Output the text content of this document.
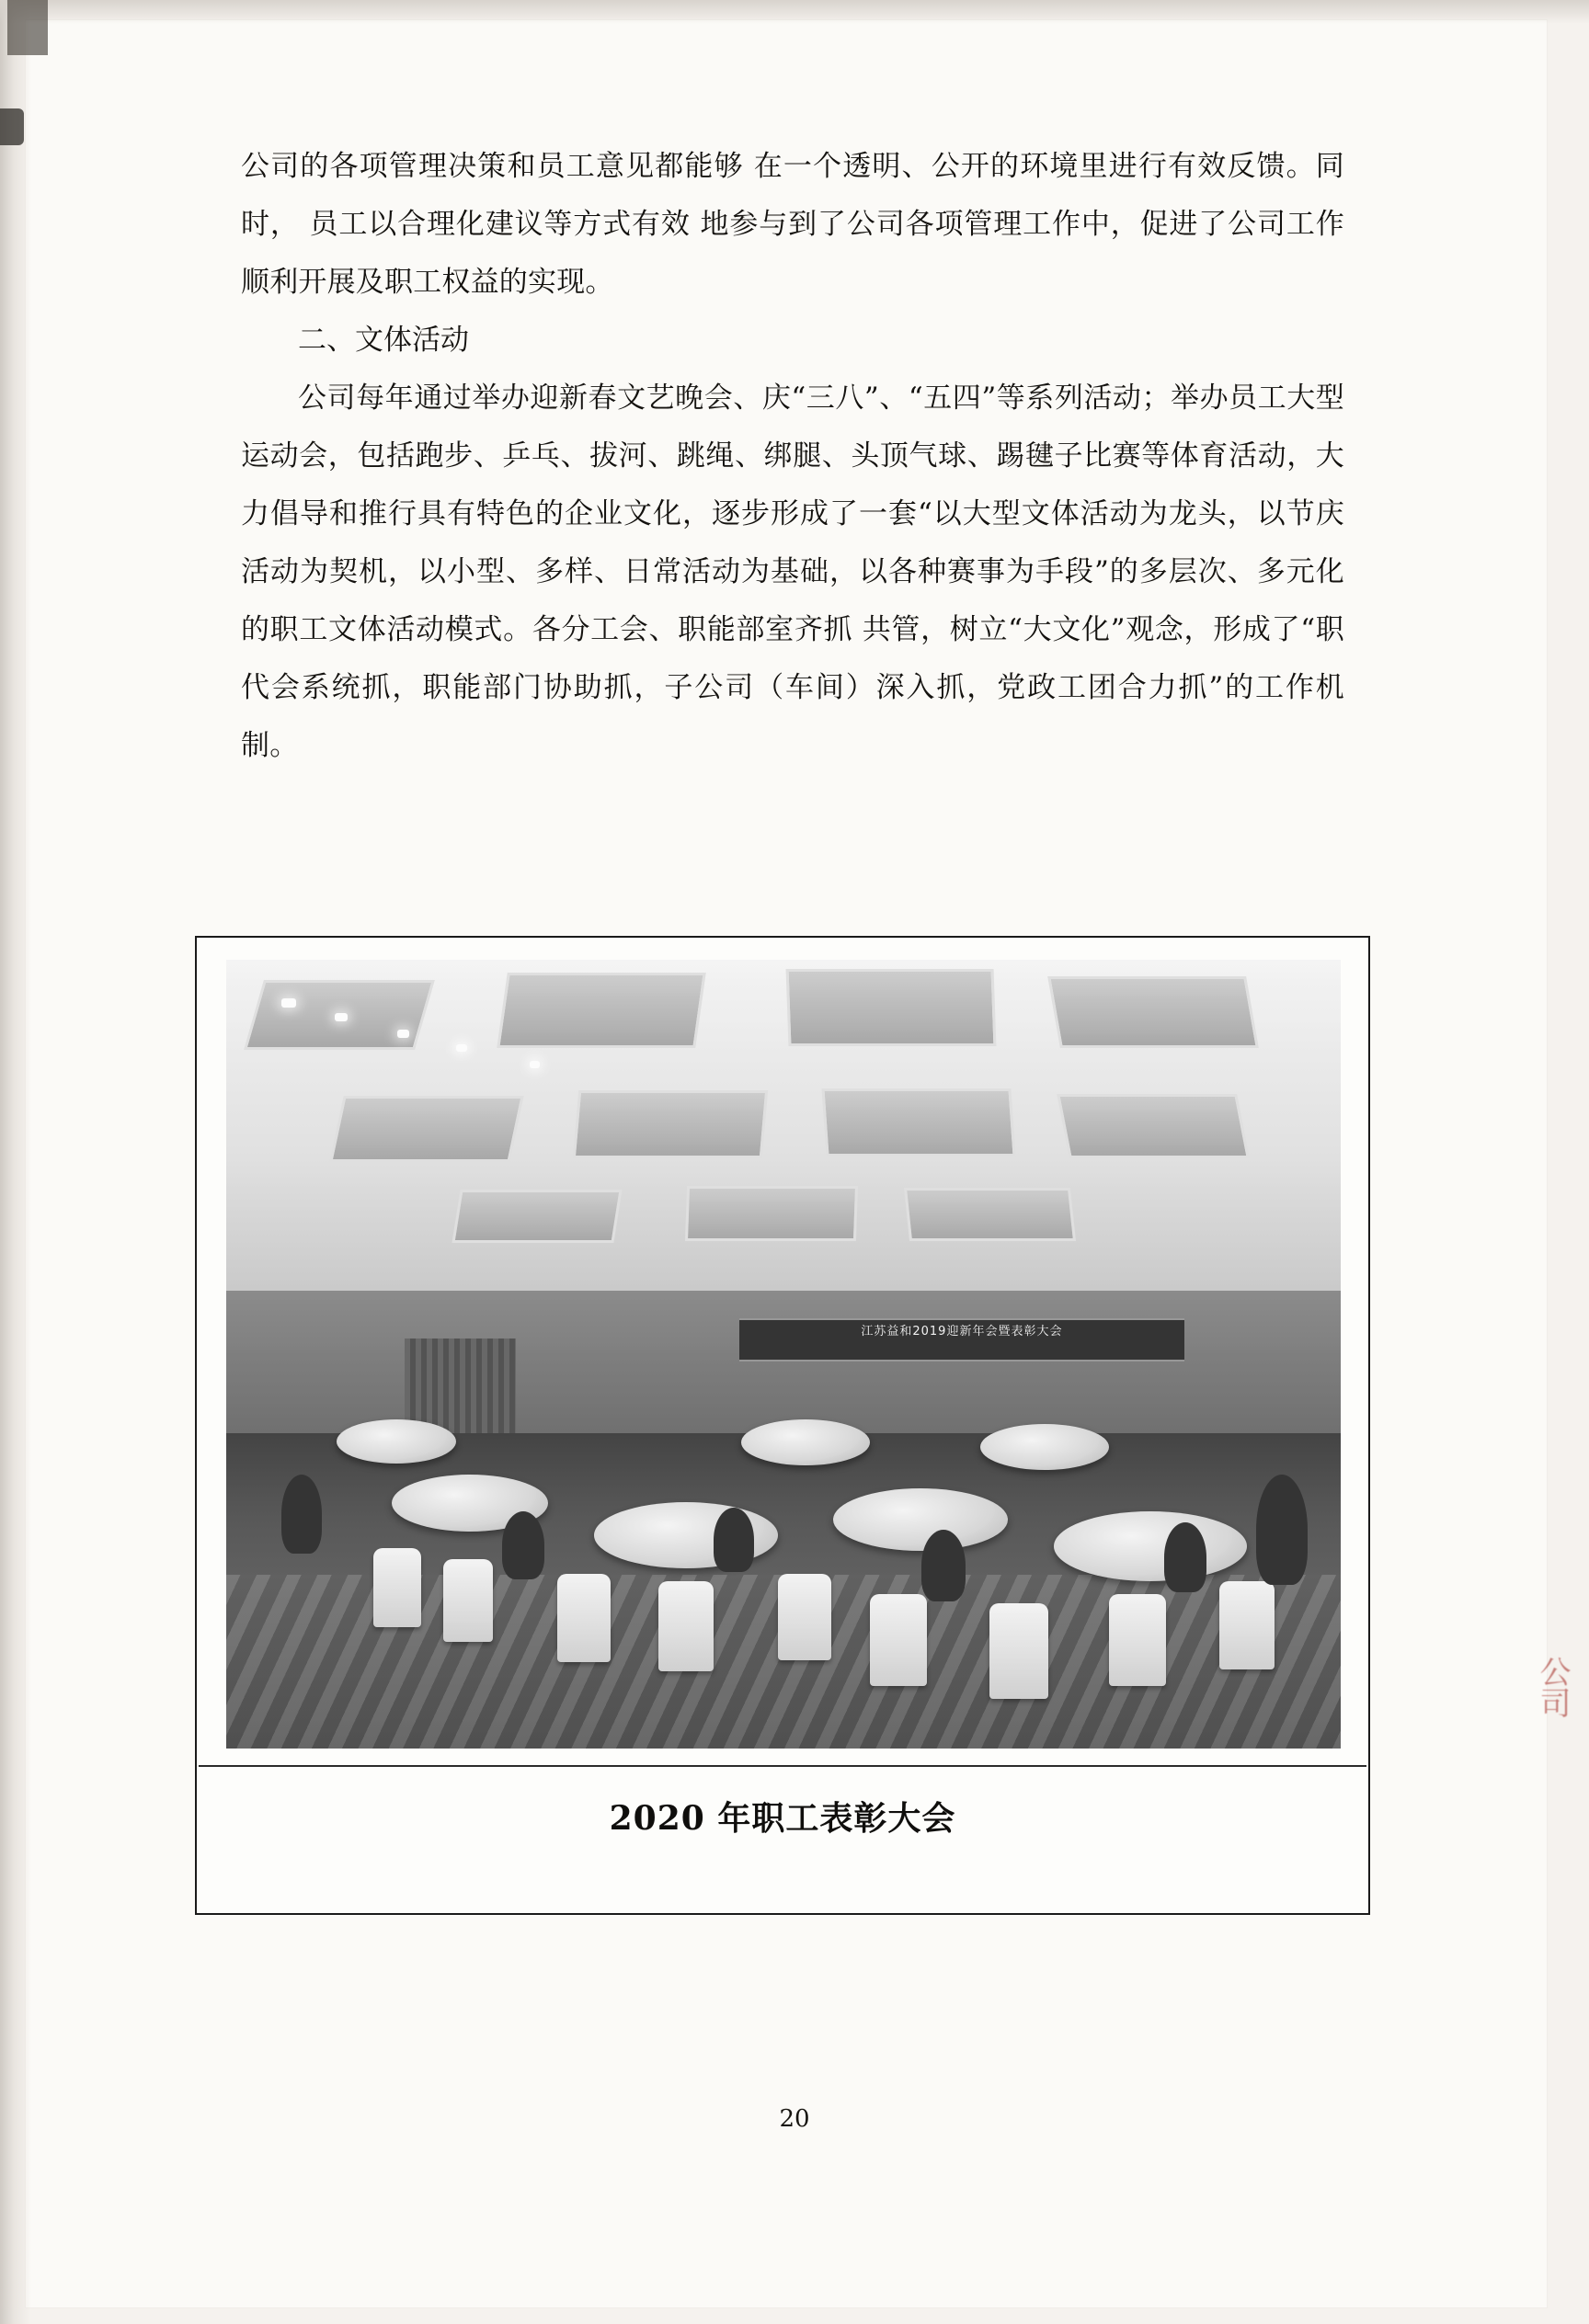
公司的各项管理决策和员工意见都能够 在一个透明、公开的环境里进行有效反馈。同时， 员工以合理化建议等方式有效 地参与到了公司各项管理工作中，促进了公司工作顺利开展及职工权益的实现。

二、文体活动

公司每年通过举办迎新春文艺晚会、庆“三八”、“五四”等系列活动；举办员工大型运动会，包括跑步、乒乓、拔河、跳绳、绑腿、头顶气球、踢毽子比赛等体育活动，大力倡导和推行具有特色的企业文化，逐步形成了一套“以大型文体活动为龙头，以节庆活动为契机，以小型、多样、日常活动为基础，以各种赛事为手段”的多层次、多元化的职工文体活动模式。各分工会、职能部室齐抓 共管，树立“大文化”观念，形成了“职代会系统抓，职能部门协助抓，子公司（车间）深入抓，党政工团合力抓”的工作机制。

江苏益和2019迎新年会暨表彰大会
2020 年职工表彰大会
公司
20
